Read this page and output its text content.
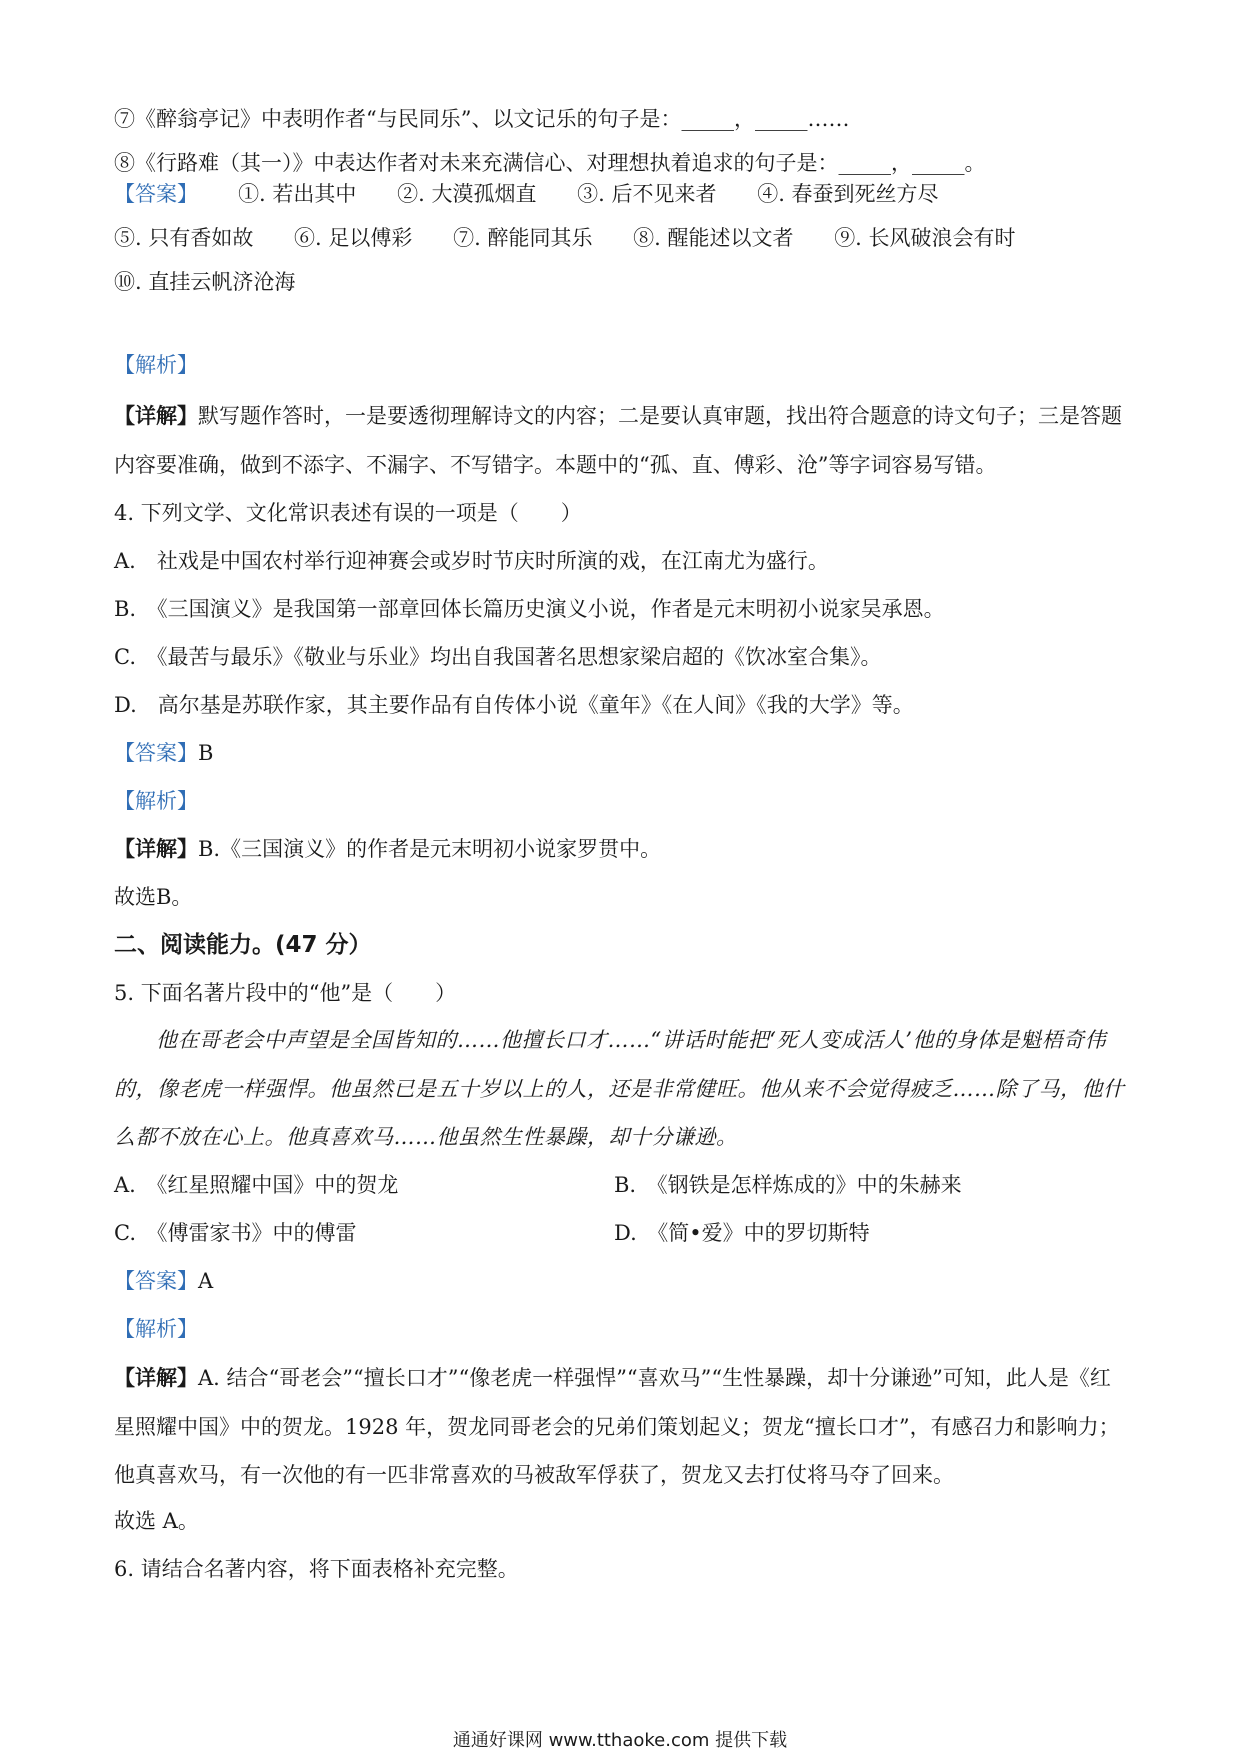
⑦《醉翁亭记》中表明作者“与民同乐”、以文记乐的句子是：_____，_____……
⑧《行路难（其一）》中表达作者对未来充满信心、对理想执着追求的句子是：_____，_____。
【答案】 ①. 若出其中 ②. 大漠孤烟直 ③. 后不见来者 ④. 春蚕到死丝方尽 ⑤. 只有香如故 ⑥. 足以傅彩 ⑦. 醉能同其乐 ⑧. 醒能述以文者 ⑨. 长风破浪会有时 ⑩. 直挂云帆济沧海
【解析】
【详解】默写题作答时，一是要透彻理解诗文的内容；二是要认真审题，找出符合题意的诗文句子；三是答题内容要准确，做到不添字、不漏字、不写错字。本题中的“孤、直、傅彩、沧”等字词容易写错。
4. 下列文学、文化常识表述有误的一项是（　　）
A.　社戏是中国农村举行迎神赛会或岁时节庆时所演的戏，在江南尤为盛行。
B.　《三国演义》是我国第一部章回体长篇历史演义小说，作者是元末明初小说家吴承恩。
C.　《最苦与最乐》《敬业与乐业》均出自我国著名思想家梁启超的《饮冰室合集》。
D.　高尔基是苏联作家，其主要作品有自传体小说《童年》《在人间》《我的大学》等。
【答案】B
【解析】
【详解】B.《三国演义》的作者是元末明初小说家罗贯中。
故选B。
二、阅读能力。(47 分）
5. 下面名著片段中的“他”是（　　）
他在哥老会中声望是全国皆知的……他擅长口才……“讲话时能把‘死人变成活人’他的身体是魁梧奇伟的，像老虎一样强悍。他虽然已是五十岁以上的人，还是非常健旺。他从来不会觉得疲乏……除了马，他什么都不放在心上。他真喜欢马……他虽然生性暴躁，却十分谦逊。
A.　《红星照耀中国》中的贺龙	B.　《钢铁是怎样炼成的》中的朱赫来
C.　《傅雷家书》中的傅雷	D.　《简•爱》中的罗切斯特
【答案】A
【解析】
【详解】A. 结合“哥老会”“擅长口才”“像老虎一样强悍”“喜欢马”“生性暴躁，却十分谦逊”可知，此人是《红星照耀中国》中的贺龙。1928 年，贺龙同哥老会的兄弟们策划起义；贺龙“擅长口才”，有感召力和影响力；他真喜欢马，有一次他的有一匹非常喜欢的马被敌军俘获了，贺龙又去打仗将马夺了回来。
故选 A。
6. 请结合名著内容，将下面表格补充完整。
通通好课网 www.tthaoke.com 提供下载
